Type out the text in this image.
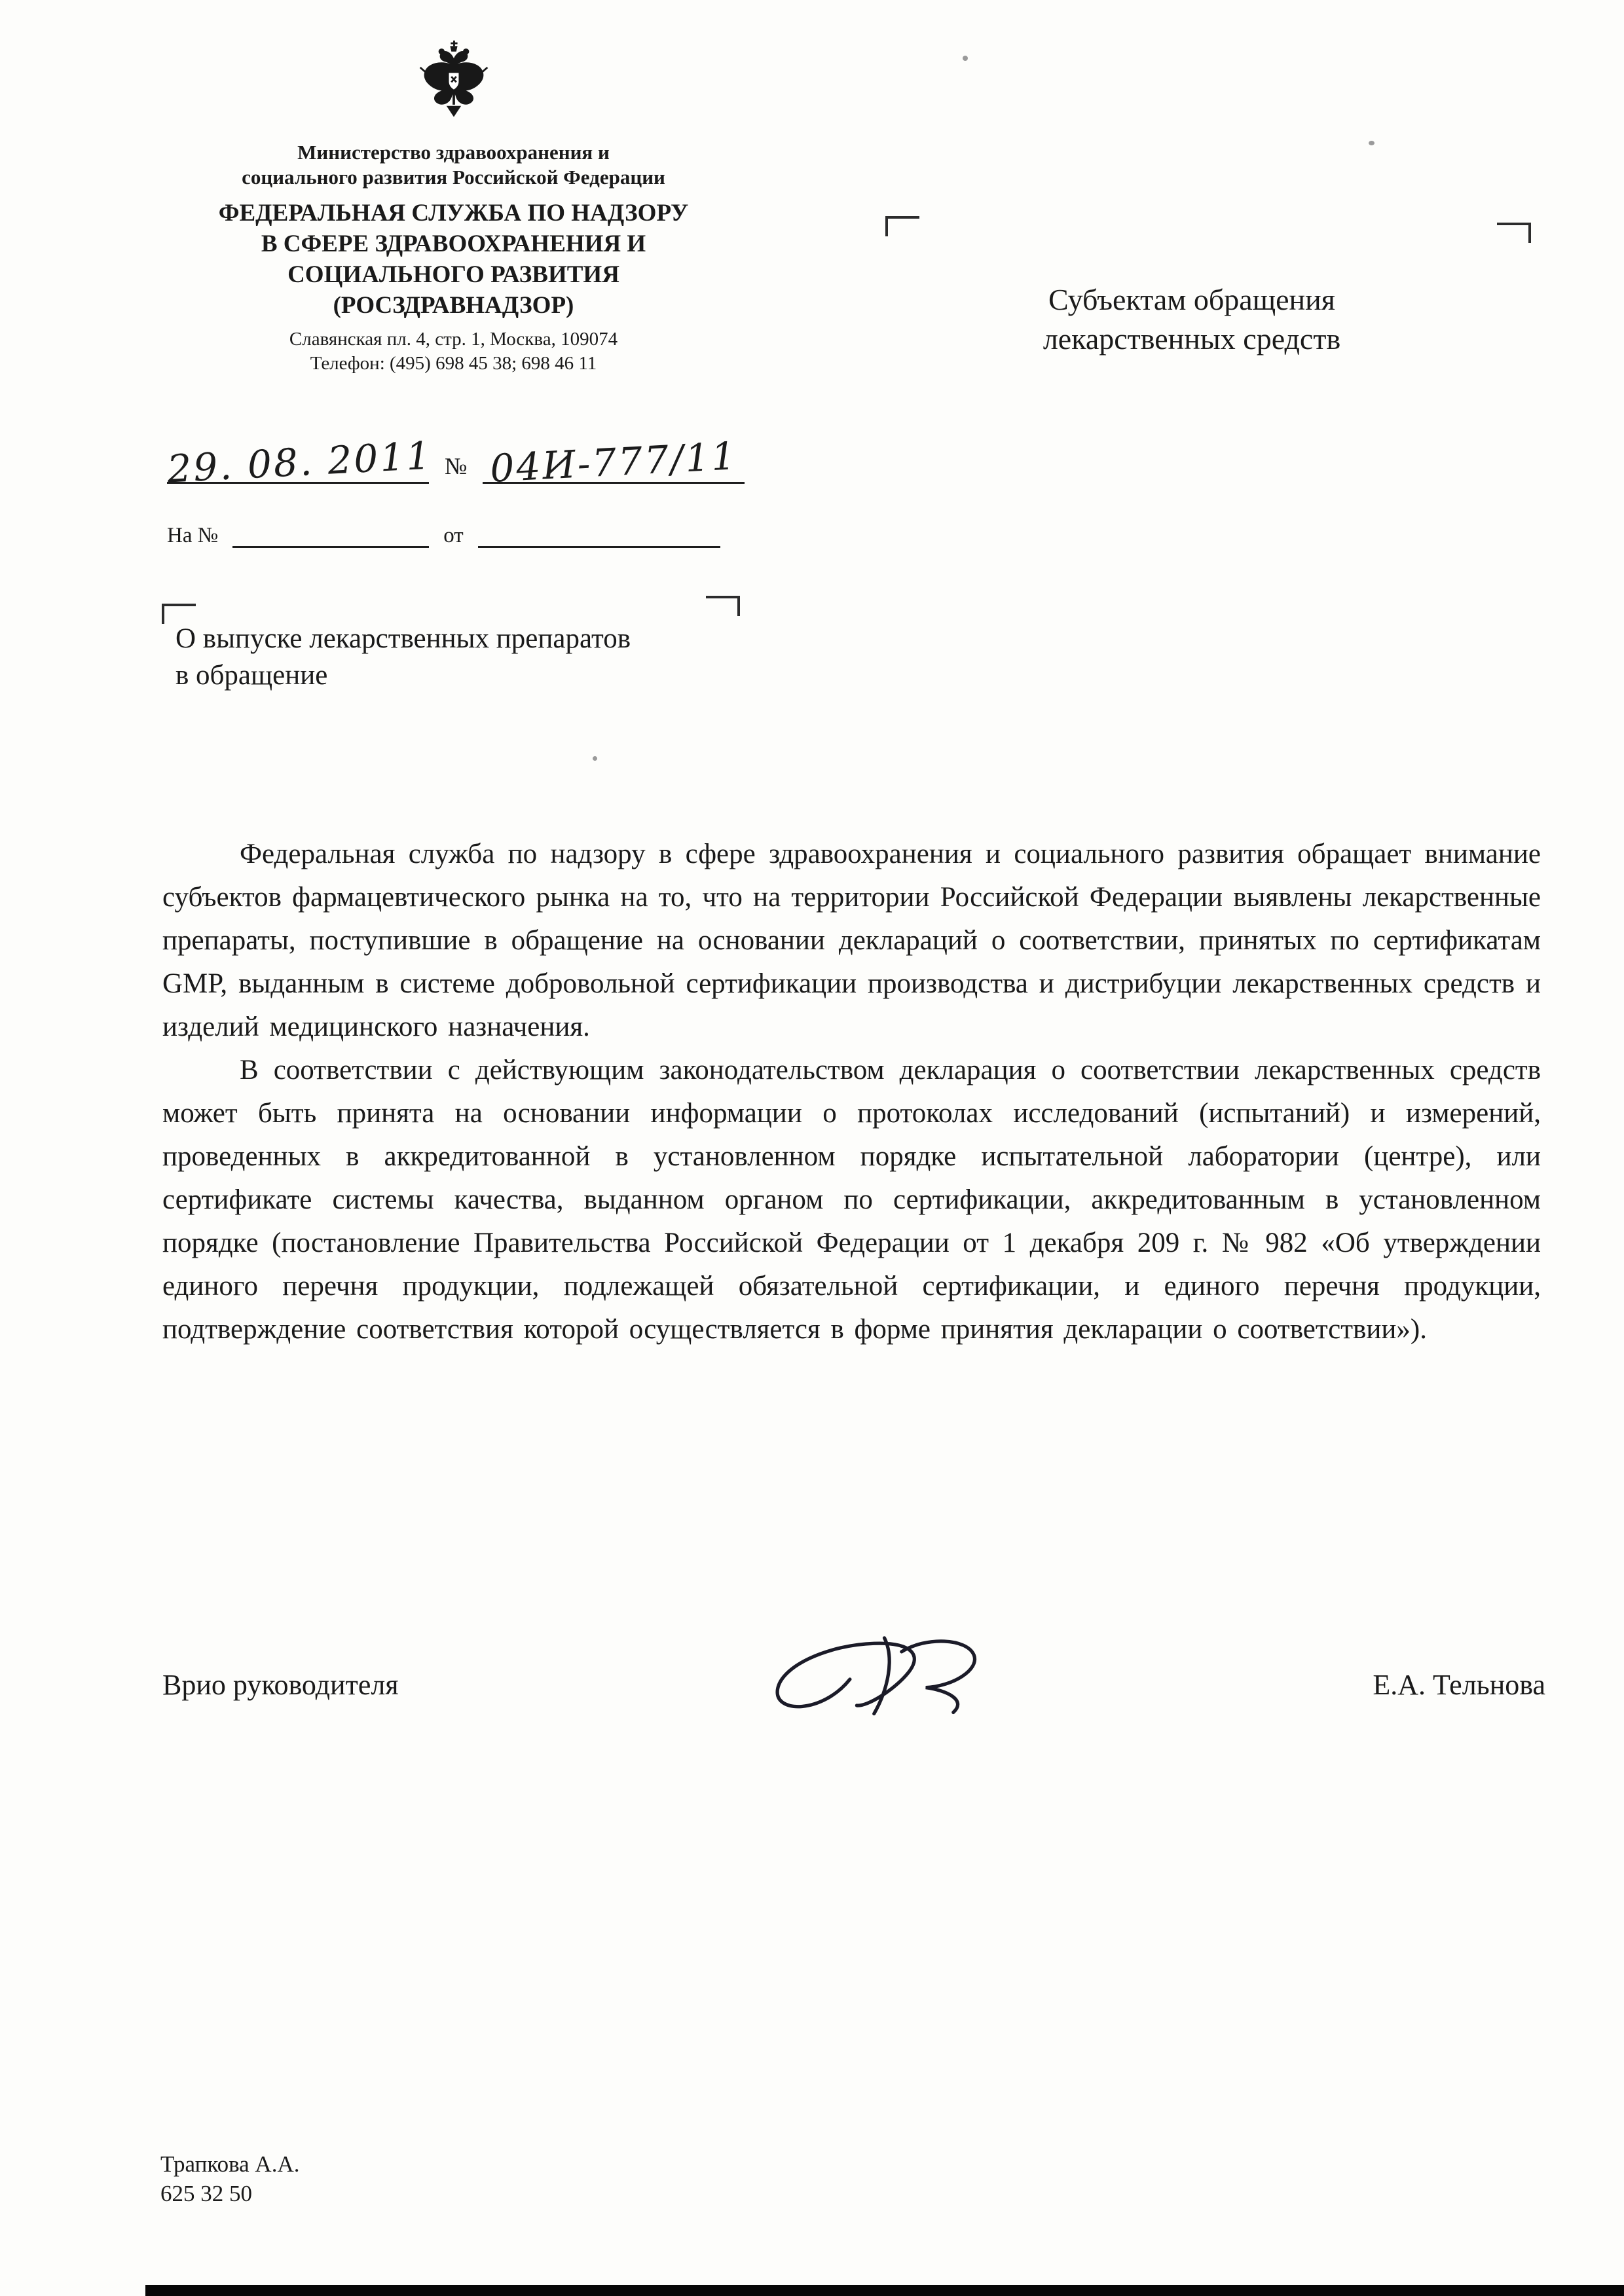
Министерство здравоохранения и
социального развития Российской Федерации
ФЕДЕРАЛЬНАЯ СЛУЖБА ПО НАДЗОРУ
В СФЕРЕ ЗДРАВООХРАНЕНИЯ И
СОЦИАЛЬНОГО РАЗВИТИЯ
(РОСЗДРАВНАДЗОР)
Славянская пл. 4, стр. 1, Москва, 109074
Телефон: (495) 698 45 38; 698 46 11
29. 08. 2011 № 04И-777/11
На №	от
Субъектам обращения
лекарственных средств
О выпуске лекарственных препаратов
в обращение

Федеральная служба по надзору в сфере здравоохранения и социального развития обращает внимание субъектов фармацевтического рынка на то, что на территории Российской Федерации выявлены лекарственные препараты, поступившие в обращение на основании деклараций о соответствии, принятых по сертификатам GMP, выданным в системе добровольной сертификации производства и дистрибуции лекарственных средств и изделий медицинского назначения.

В соответствии с действующим законодательством декларация о соответствии лекарственных средств может быть принята на основании информации о протоколах исследований (испытаний) и измерений, проведенных в аккредитованной в установленном порядке испытательной лаборатории (центре), или сертификате системы качества, выданном органом по сертификации, аккредитованным в установленном порядке (постановление Правительства Российской Федерации от 1 декабря 209 г. № 982 «Об утверждении единого перечня продукции, подлежащей обязательной сертификации, и единого перечня продукции, подтверждение соответствия которой осуществляется в форме принятия декларации о соответствии»).

Врио руководителя	Е.А. Тельнова
Трапкова А.А.
625 32 50
